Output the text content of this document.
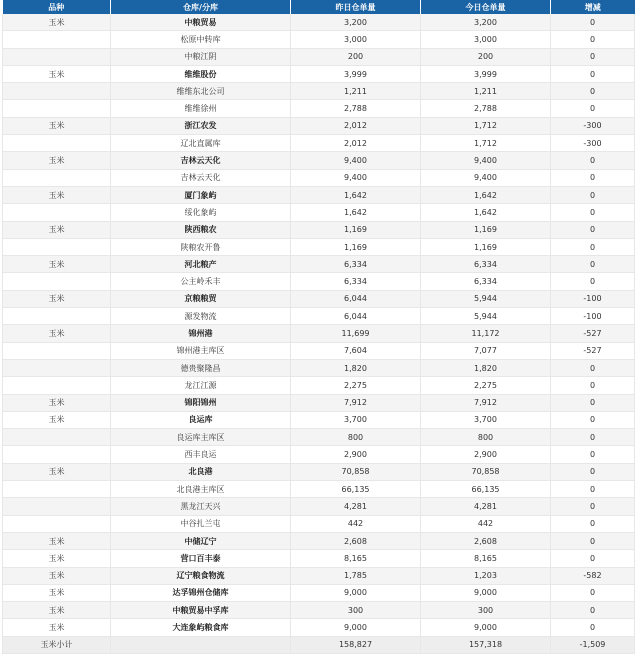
品种	仓库/分库	昨日仓单量	今日仓单量	增减
玉米	中粮贸易	3,200	3,200	0
	松原中转库	3,000	3,000	0
	中粮江阴	200	200	0
玉米	维维股份	3,999	3,999	0
	维维东北公司	1,211	1,211	0
	维维徐州	2,788	2,788	0
玉米	浙江农发	2,012	1,712	-300
	辽北直属库	2,012	1,712	-300
玉米	吉林云天化	9,400	9,400	0
	吉林云天化	9,400	9,400	0
玉米	厦门象屿	1,642	1,642	0
	绥化象屿	1,642	1,642	0
玉米	陕西粮农	1,169	1,169	0
	陕粮农开鲁	1,169	1,169	0
玉米	河北粮产	6,334	6,334	0
	公主岭禾丰	6,334	6,334	0
玉米	京粮粮贸	6,044	5,944	-100
	源发物流	6,044	5,944	-100
玉米	锦州港	11,699	11,172	-527
	锦州港主库区	7,604	7,077	-527
	德贵聚隆昌	1,820	1,820	0
	龙江江源	2,275	2,275	0
玉米	锦阳锦州	7,912	7,912	0
玉米	良运库	3,700	3,700	0
	良运库主库区	800	800	0
	西丰良运	2,900	2,900	0
玉米	北良港	70,858	70,858	0
	北良港主库区	66,135	66,135	0
	黑龙江天兴	4,281	4,281	0
	中谷扎兰屯	442	442	0
玉米	中储辽宁	2,608	2,608	0
玉米	营口百丰泰	8,165	8,165	0
玉米	辽宁粮食物流	1,785	1,203	-582
玉米	达孚锦州仓储库	9,000	9,000	0
玉米	中粮贸易中孚库	300	300	0
玉米	大连象屿粮食库	9,000	9,000	0
玉米小计		158,827	157,318	-1,509
